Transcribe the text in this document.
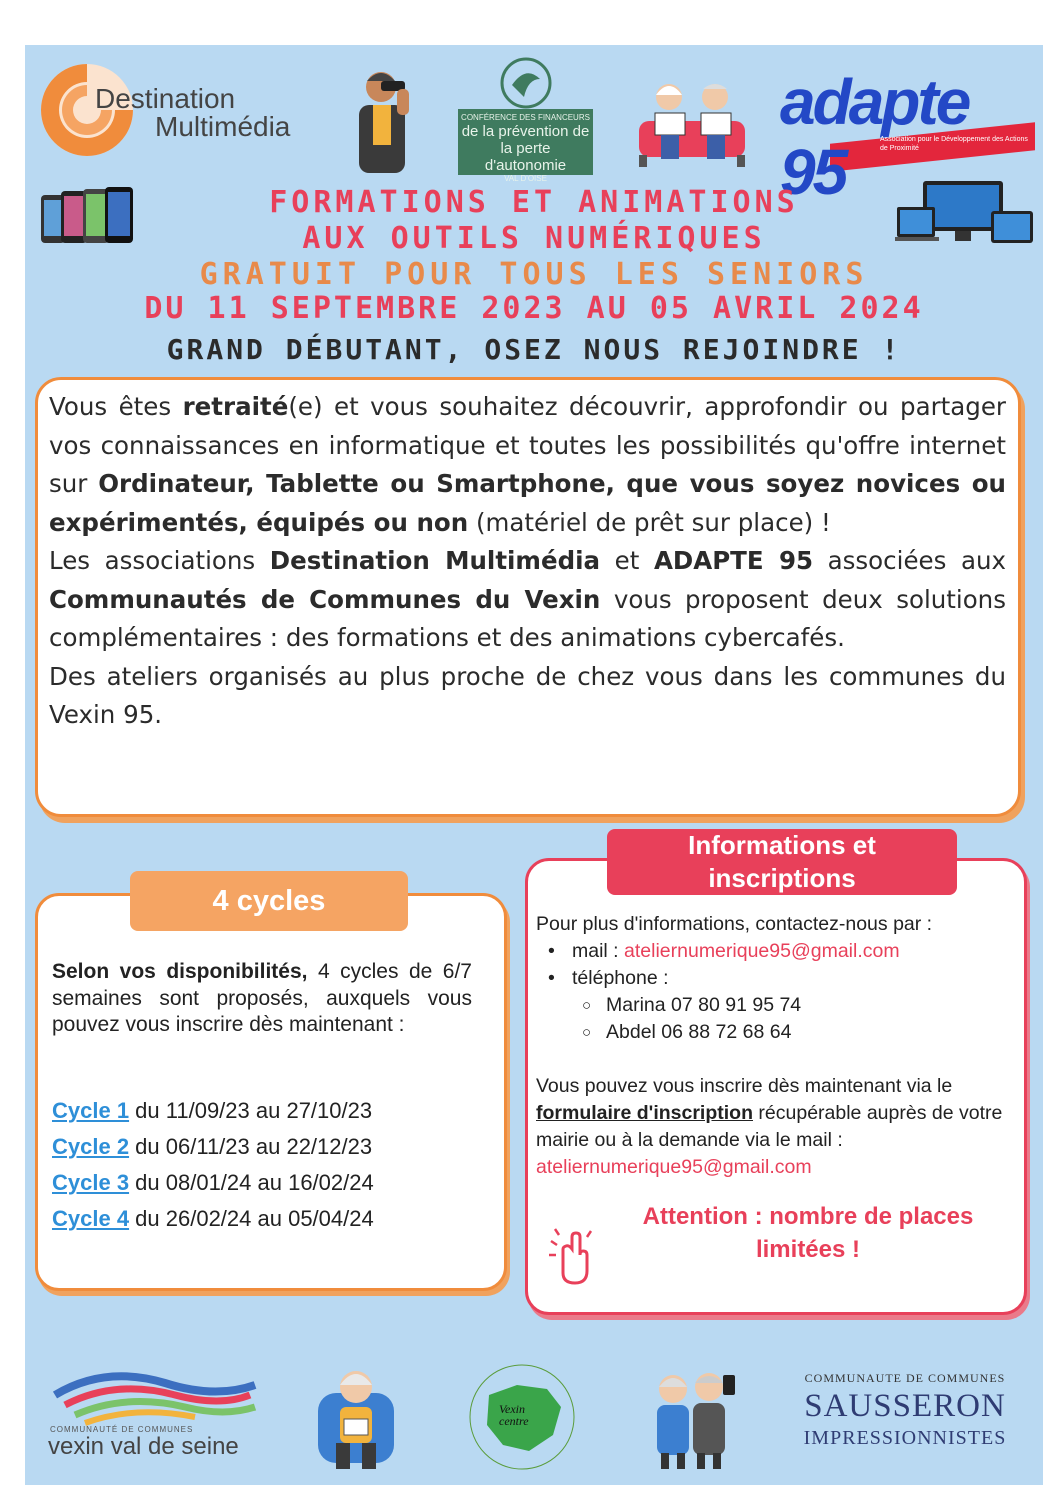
Destination
Multimédia	CONFÉRENCE DES FINANCEURS
de la prévention de la perte d'autonomie
VAL D'OISE
adapte 95	Association pour le Développement des Actions de Proximité
FORMATIONS ET ANIMATIONS
AUX OUTILS NUMÉRIQUES
GRATUIT POUR TOUS LES SENIORS
DU 11 SEPTEMBRE 2023 AU 05 AVRIL 2024
GRAND DÉBUTANT, OSEZ NOUS REJOINDRE !

Vous êtes retraité(e) et vous souhaitez découvrir, approfondir ou partager vos connaissances en informatique et toutes les possibilités qu'offre internet sur Ordinateur, Tablette ou Smartphone, que vous soyez novices ou expérimentés, équipés ou non (matériel de prêt sur place) !

Les associations Destination Multimédia et ADAPTE 95 associées aux Communautés de Communes du Vexin vous proposent deux solutions complémentaires : des formations et des animations cybercafés.

Des ateliers organisés au plus proche de chez vous dans les communes du Vexin 95.

4 cycles

Selon vos disponibilités, 4 cycles de 6/7 semaines sont proposés, auxquels vous pouvez vous inscrire dès maintenant :

Cycle 1 du 11/09/23 au 27/10/23
Cycle 2 du 06/11/23 au 22/12/23
Cycle 3 du 08/01/24 au 16/02/24
Cycle 4 du 26/02/24 au 05/04/24
Informations et
inscriptions

Pour plus d'informations, contactez-nous par :

• mail : ateliernumerique95@gmail.com
• téléphone :
○ Marina 07 80 91 95 74
○ Abdel 06 88 72 68 64

Vous pouvez vous inscrire dès maintenant via le formulaire d'inscription récupérable auprès de votre mairie ou à la demande via le mail : ateliernumerique95@gmail.com

Attention : nombre de places
limitées !
COMMUNAUTÉ DE COMMUNES
vexin val de seine
Vexin
centre
COMMUNAUTE DE COMMUNES
SAUSSERON
IMPRESSIONNISTES
